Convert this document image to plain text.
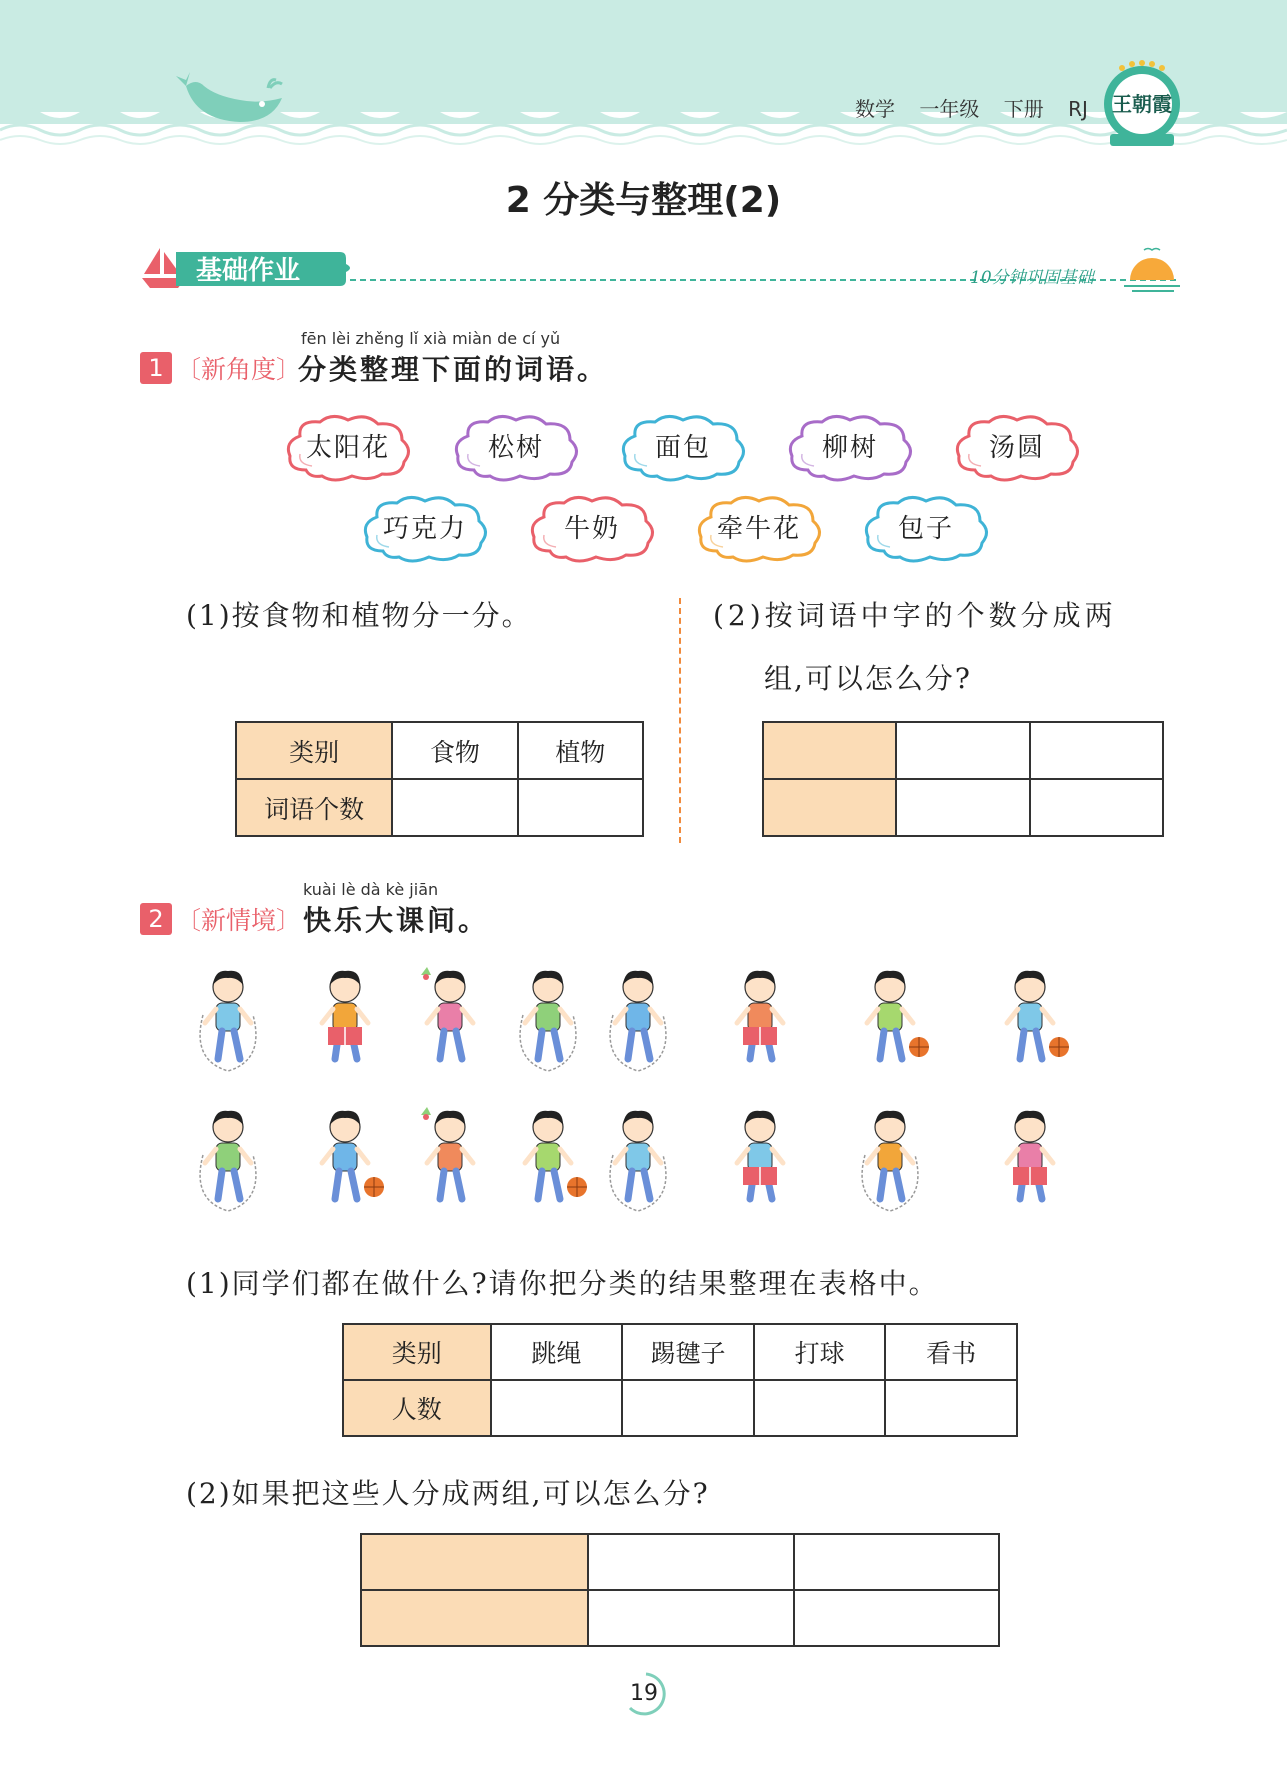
数学 一年级 下册 RJ	王朝霞
2 分类与整理(2)
基础作业	10分钟巩固基础
fēn lèi zhěng lǐ xià miàn de cí yǔ
1 〔新角度〕
分类整理下面的词语。
太阳花	松树	面包	柳树	汤圆
巧克力	牛奶	牵牛花	包子
(1)按食物和植物分一分。
类别	食物	植物
词语个数		
(2)按词语中字的个数分成两
组,可以怎么分?

kuài lè dà kè jiān
2 〔新情境〕 快乐大课间。
(1)同学们都在做什么?请你把分类的结果整理在表格中。
类别	跳绳	踢毽子	打球	看书
人数				
(2)如果把这些人分成两组,可以怎么分?

19
